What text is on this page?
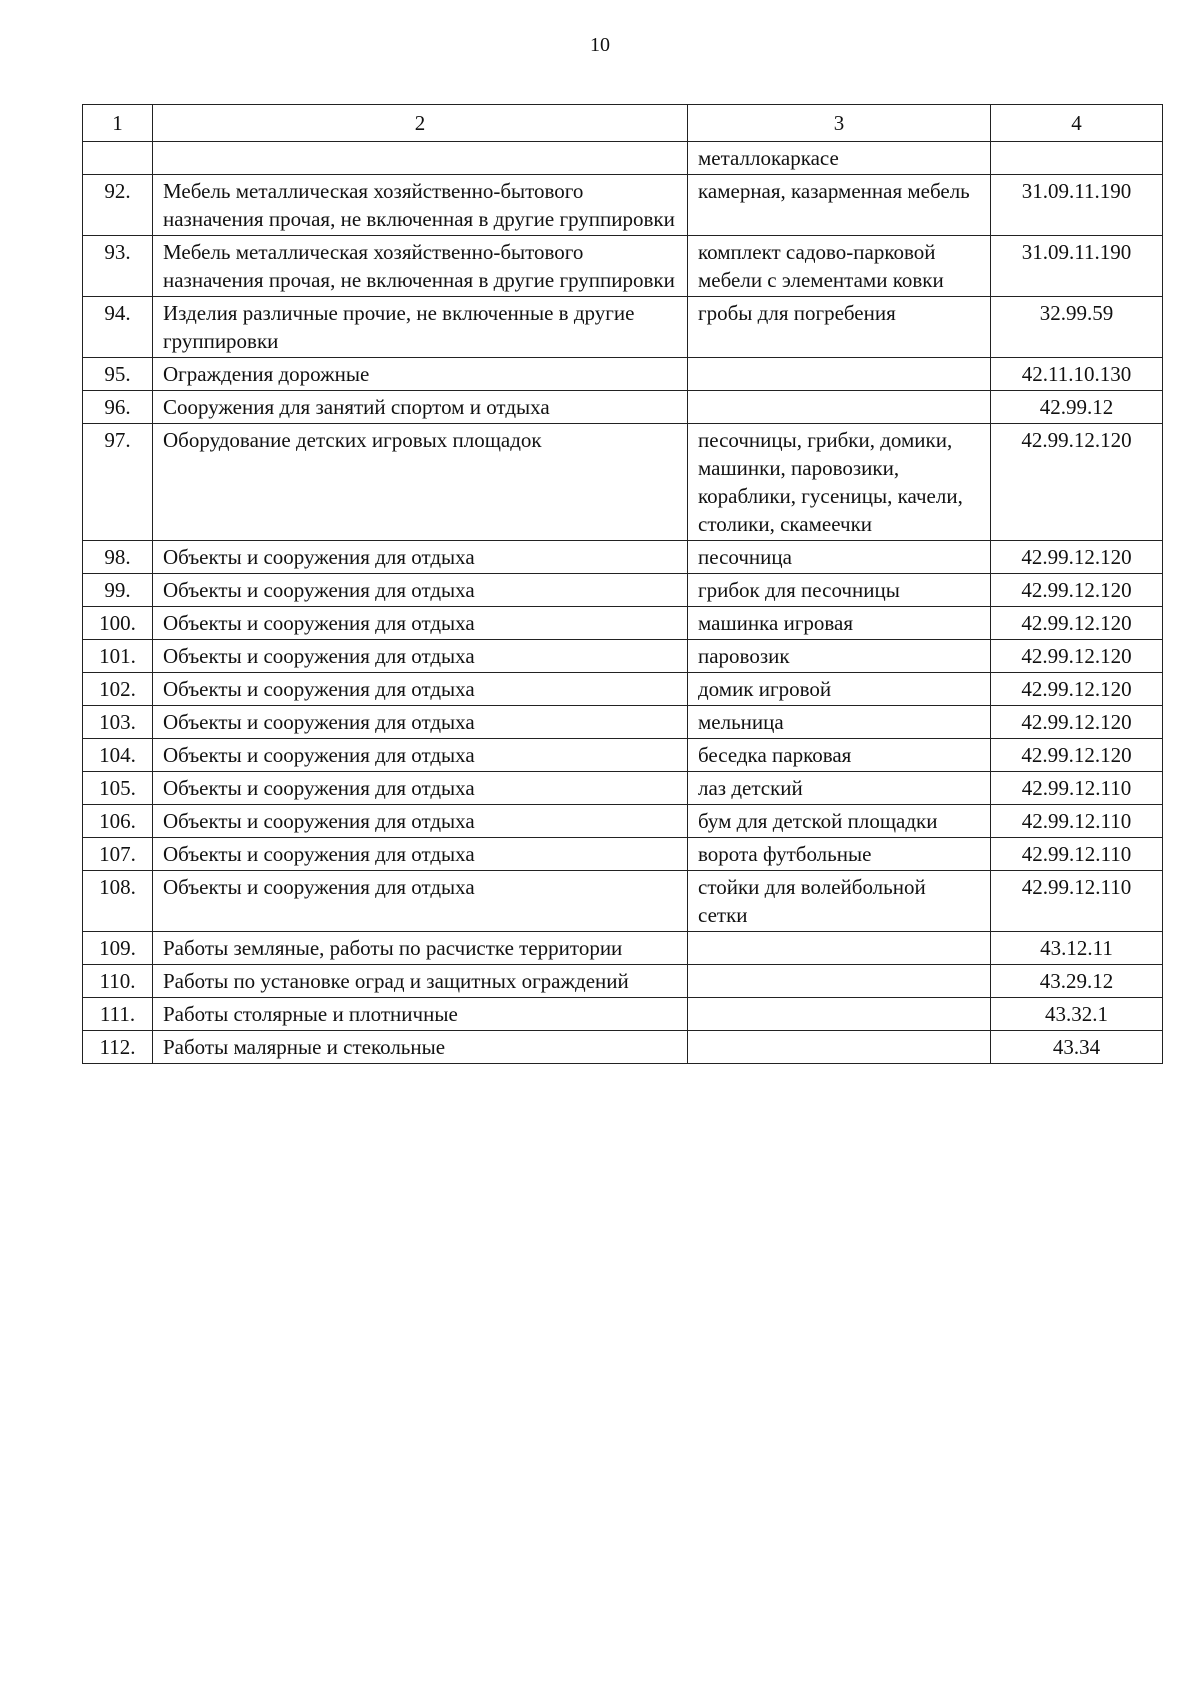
10
1	2	3	4
		металлокаркасе	
92.	Мебель металлическая хозяйственно-бытового назначения прочая, не включенная в другие группировки	камерная, казарменная мебель	31.09.11.190
93.	Мебель металлическая хозяйственно-бытового назначения прочая, не включенная в другие группировки	комплект садово-парковой мебели с элементами ковки	31.09.11.190
94.	Изделия различные прочие, не включенные в другие группировки	гробы для погребения	32.99.59
95.	Ограждения дорожные		42.11.10.130
96.	Сооружения для занятий спортом и отдыха		42.99.12
97.	Оборудование детских игровых площадок	песочницы, грибки, домики, машинки, паровозики, кораблики, гусеницы, качели, столики, скамеечки	42.99.12.120
98.	Объекты и сооружения для отдыха	песочница	42.99.12.120
99.	Объекты и сооружения для отдыха	грибок для песочницы	42.99.12.120
100.	Объекты и сооружения для отдыха	машинка игровая	42.99.12.120
101.	Объекты и сооружения для отдыха	паровозик	42.99.12.120
102.	Объекты и сооружения для отдыха	домик игровой	42.99.12.120
103.	Объекты и сооружения для отдыха	мельница	42.99.12.120
104.	Объекты и сооружения для отдыха	беседка парковая	42.99.12.120
105.	Объекты и сооружения для отдыха	лаз детский	42.99.12.110
106.	Объекты и сооружения для отдыха	бум для детской площадки	42.99.12.110
107.	Объекты и сооружения для отдыха	ворота футбольные	42.99.12.110
108.	Объекты и сооружения для отдыха	стойки для волейбольной сетки	42.99.12.110
109.	Работы земляные, работы по расчистке территории		43.12.11
110.	Работы по установке оград и защитных ограждений		43.29.12
111.	Работы столярные и плотничные		43.32.1
112.	Работы малярные и стекольные		43.34
